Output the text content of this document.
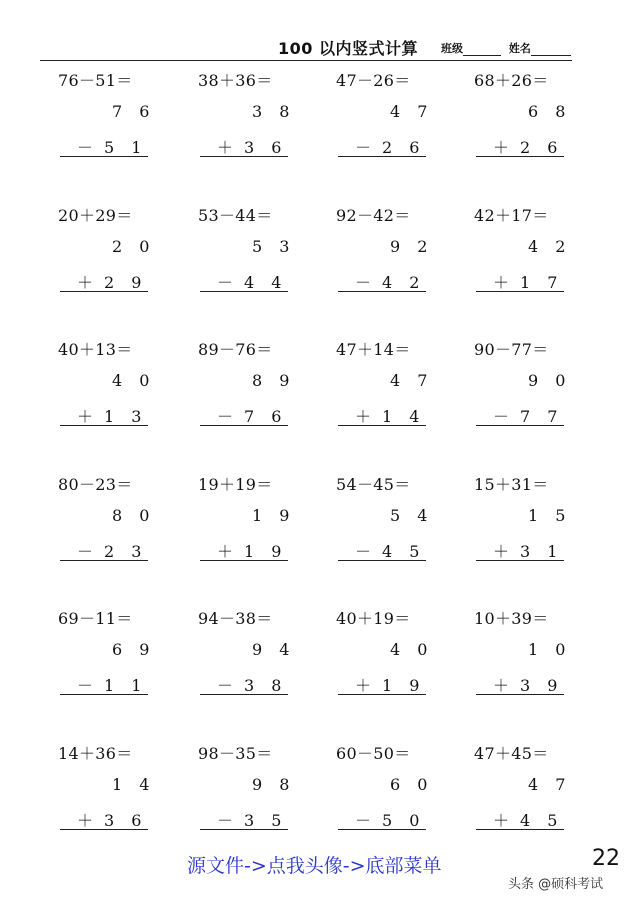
100 以内竖式计算 班级	姓名
76－51＝
7 6
－ 5 1
38＋36＝
3 8
＋ 3 6
47－26＝
4 7
－ 2 6
68＋26＝
6 8
＋ 2 6
20＋29＝
2 0
＋ 2 9
53－44＝
5 3
－ 4 4
92－42＝
9 2
－ 4 2
42＋17＝
4 2
＋ 1 7
40＋13＝
4 0
＋ 1 3
89－76＝
8 9
－ 7 6
47＋14＝
4 7
＋ 1 4
90－77＝
9 0
－ 7 7
80－23＝
8 0
－ 2 3
19＋19＝
1 9
＋ 1 9
54－45＝
5 4
－ 4 5
15＋31＝
1 5
＋ 3 1
69－11＝
6 9
－ 1 1
94－38＝
9 4
－ 3 8
40＋19＝
4 0
＋ 1 9
10＋39＝
1 0
＋ 3 9
14＋36＝
1 4
＋ 3 6
98－35＝
9 8
－ 3 5
60－50＝
6 0
－ 5 0
47＋45＝
4 7
＋ 4 5
源文件->点我头像->底部菜单	22
头条 @硕科考试
